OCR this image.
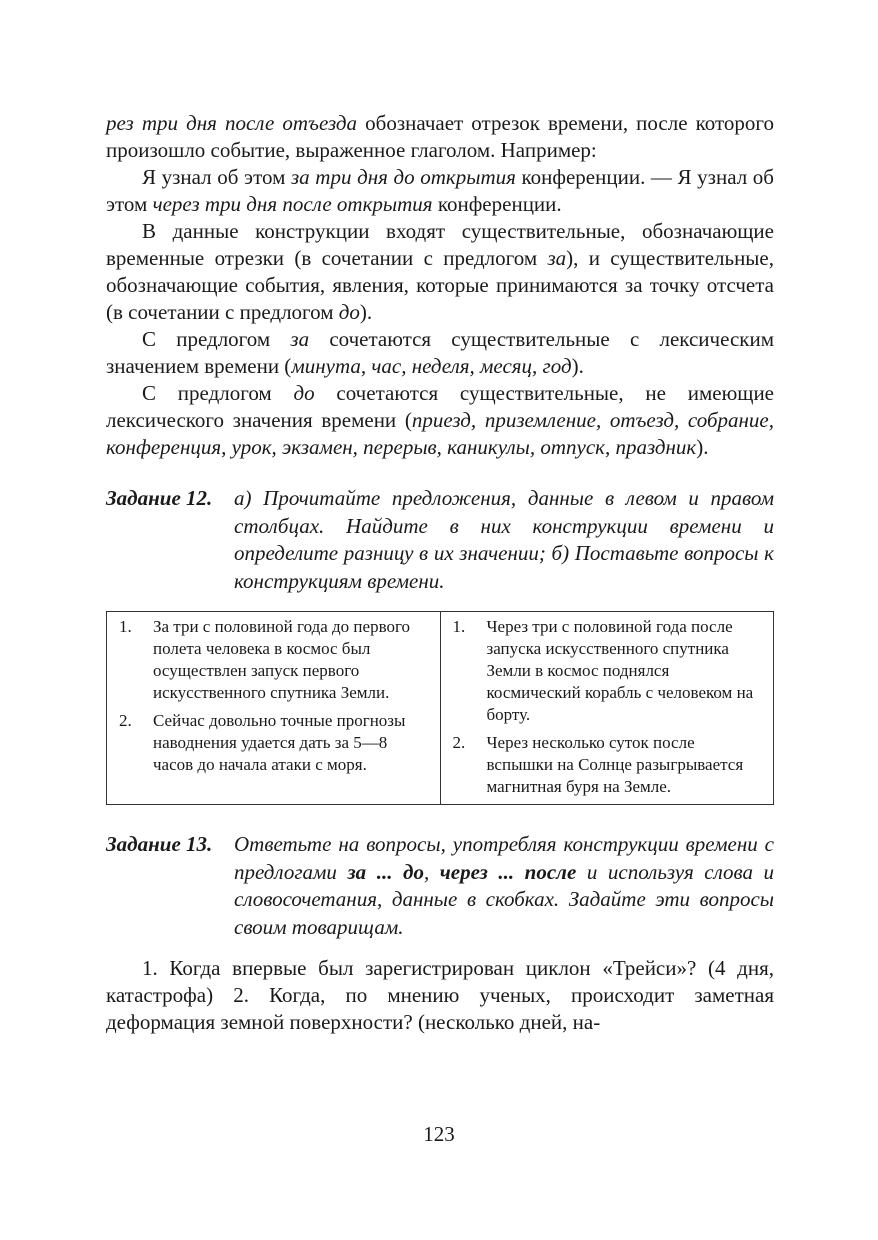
рез три дня после отъезда обозначает отрезок времени, после которого произошло событие, выраженное глаголом. Например:

Я узнал об этом за три дня до открытия конференции. — Я узнал об этом через три дня после открытия конференции.

В данные конструкции входят существительные, обозначающие временные отрезки (в сочетании с предлогом за), и существительные, обозначающие события, явления, которые принимаются за точку отсчета (в сочетании с предлогом до).

С предлогом за сочетаются существительные с лексическим значением времени (минута, час, неделя, месяц, год).

С предлогом до сочетаются существительные, не имеющие лексического значения времени (приезд, приземление, отъезд, собрание, конференция, урок, экзамен, перерыв, каникулы, отпуск, праздник).

Задание 12.	а) Прочитайте предложения, данные в левом и правом столбцах. Найдите в них конструкции времени и определите разницу в их значении; б) Поставьте вопросы к конструкциям времени.
1.	За три с половиной года до первого полета человека в космос был осуществлен запуск первого искусственного спутника Земли.
2.	Сейчас довольно точные прогнозы наводнения удается дать за 5—8 часов до начала атаки с моря.

1.	Через три с половиной года после запуска искусственного спутника Земли в космос поднялся космический корабль с человеком на борту.
2.	Через несколько суток после вспышки на Солнце разыгрывается магнитная буря на Земле.
Задание 13.	Ответьте на вопросы, употребляя конструкции времени с предлогами за ... до, через ... после и используя слова и словосочетания, данные в скобках. Задайте эти вопросы своим товарищам.

1. Когда впервые был зарегистрирован циклон «Трейси»? (4 дня, катастрофа) 2. Когда, по мнению ученых, происходит заметная деформация земной поверхности? (несколько дней, на-

123
